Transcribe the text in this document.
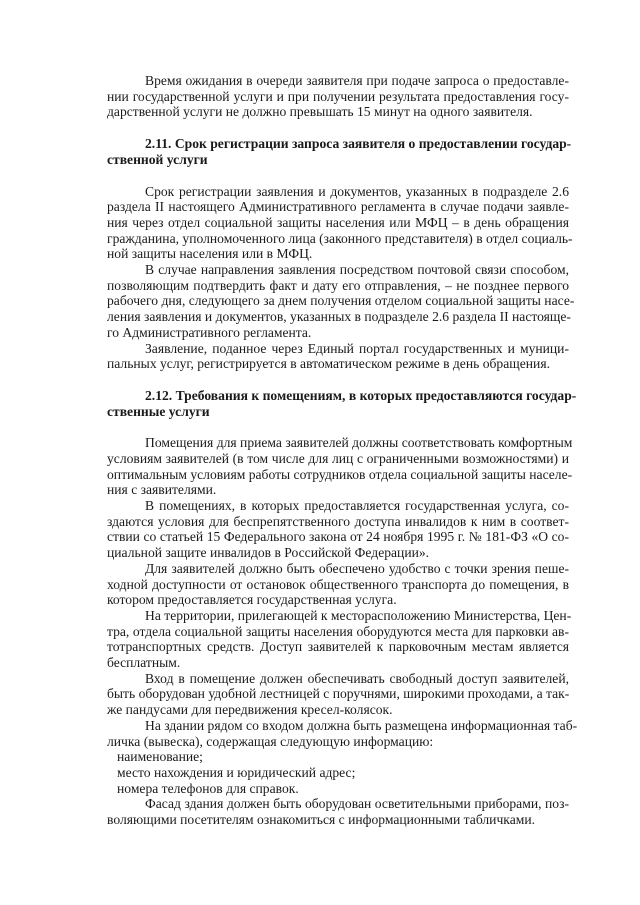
Время ожидания в очереди заявителя при подаче запроса о предоставле-
нии государственной услуги и при получении результата предоставления госу-
дарственной услуги не должно превышать 15 минут на одного заявителя.
2.11. Срок регистрации запроса заявителя о предоставлении государ-
ственной услуги
Срок регистрации заявления и документов, указанных в подразделе 2.6
раздела II настоящего Административного регламента в случае подачи заявле-
ния через отдел социальной защиты населения или МФЦ – в день обращения
гражданина, уполномоченного лица (законного представителя) в отдел социаль-
ной защиты населения или в МФЦ.
В случае направления заявления посредством почтовой связи способом,
позволяющим подтвердить факт и дату его отправления, – не позднее первого
рабочего дня, следующего за днем получения отделом социальной защиты насе-
ления заявления и документов, указанных в подразделе 2.6 раздела II настояще-
го Административного регламента.
Заявление, поданное через Единый портал государственных и муници-
пальных услуг, регистрируется в автоматическом режиме в день обращения.
2.12. Требования к помещениям, в которых предоставляются государ-
ственные услуги
Помещения для приема заявителей должны соответствовать комфортным
условиям заявителей (в том числе для лиц с ограниченными возможностями) и
оптимальным условиям работы сотрудников отдела социальной защиты населе-
ния с заявителями.
В помещениях, в которых предоставляется государственная услуга, со-
здаются условия для беспрепятственного доступа инвалидов к ним в соответ-
ствии со статьей 15 Федерального закона от 24 ноября 1995 г. № 181-ФЗ «О со-
циальной защите инвалидов в Российской Федерации».
Для заявителей должно быть обеспечено удобство с точки зрения пеше-
ходной доступности от остановок общественного транспорта до помещения, в
котором предоставляется государственная услуга.
На территории, прилегающей к месторасположению Министерства, Цен-
тра, отдела социальной защиты населения оборудуются места для парковки ав-
тотранспортных средств. Доступ заявителей к парковочным местам является
бесплатным.
Вход в помещение должен обеспечивать свободный доступ заявителей,
быть оборудован удобной лестницей с поручнями, широкими проходами, а так-
же пандусами для передвижения кресел-колясок.
На здании рядом со входом должна быть размещена информационная таб-
личка (вывеска), содержащая следующую информацию:
наименование;
место нахождения и юридический адрес;
номера телефонов для справок.
Фасад здания должен быть оборудован осветительными приборами, поз-
воляющими посетителям ознакомиться с информационными табличками.
